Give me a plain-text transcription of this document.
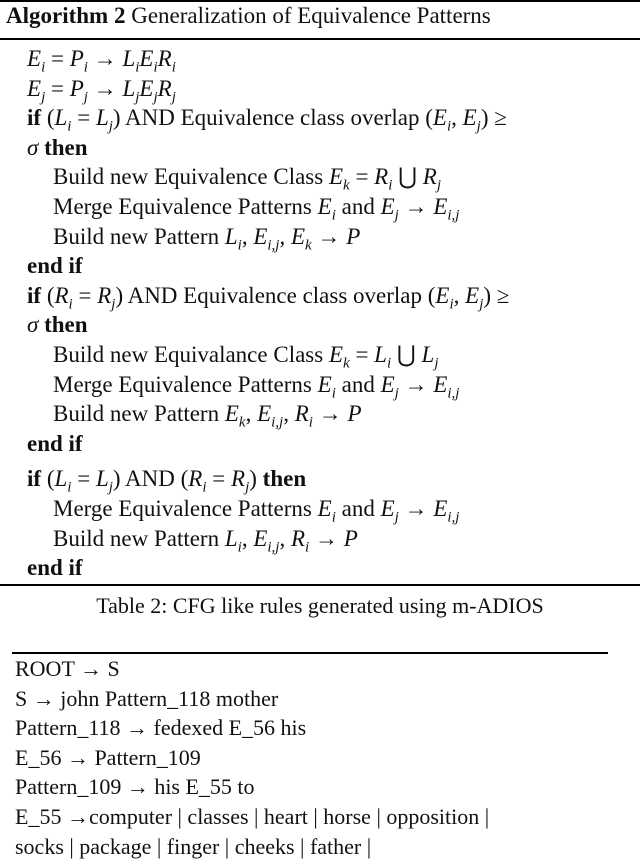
Algorithm 2 Generalization of Equivalence Patterns
$E_i = P_i \to L_iE_iR_i$
$E_j = P_j \to L_jE_jR_j$
if $(L_i = L_j)$ AND Equivalence class overlap ($E_i$, $E_j$) ≥
σ then
Build new Equivalence Class $E_k = R_i$ ⋃ $R_j$
Merge Equivalence Patterns $E_i$ and $E_j \to E_{i,j}$
Build new Pattern $L_i$, $E_{i,j}$, $E_k \to P$
end if
if $(R_i = R_j)$ AND Equivalence class overlap ($E_i$, $E_j$) ≥
σ then
Build new Equivalance Class $E_k = L_i$ ⋃ $L_j$
Merge Equivalence Patterns $E_i$ and $E_j \to E_{i,j}$
Build new Pattern $E_k$, $E_{i,j}$, $R_i \to P$
end if
if $(L_i = L_j)$ AND $(R_i = R_j)$ then
Merge Equivalence Patterns $E_i$ and $E_j \to E_{i,j}$
Build new Pattern $L_i$, $E_{i,j}$, $R_i \to P$
end if
Table 2: CFG like rules generated using m-ADIOS
ROOT → S
S → john Pattern_118 mother
Pattern_118 → fedexed E_56 his
E_56 → Pattern_109
Pattern_109 → his E_55 to
E_55 →computer | classes | heart | horse | opposition |
socks | package | finger | cheeks | father |
